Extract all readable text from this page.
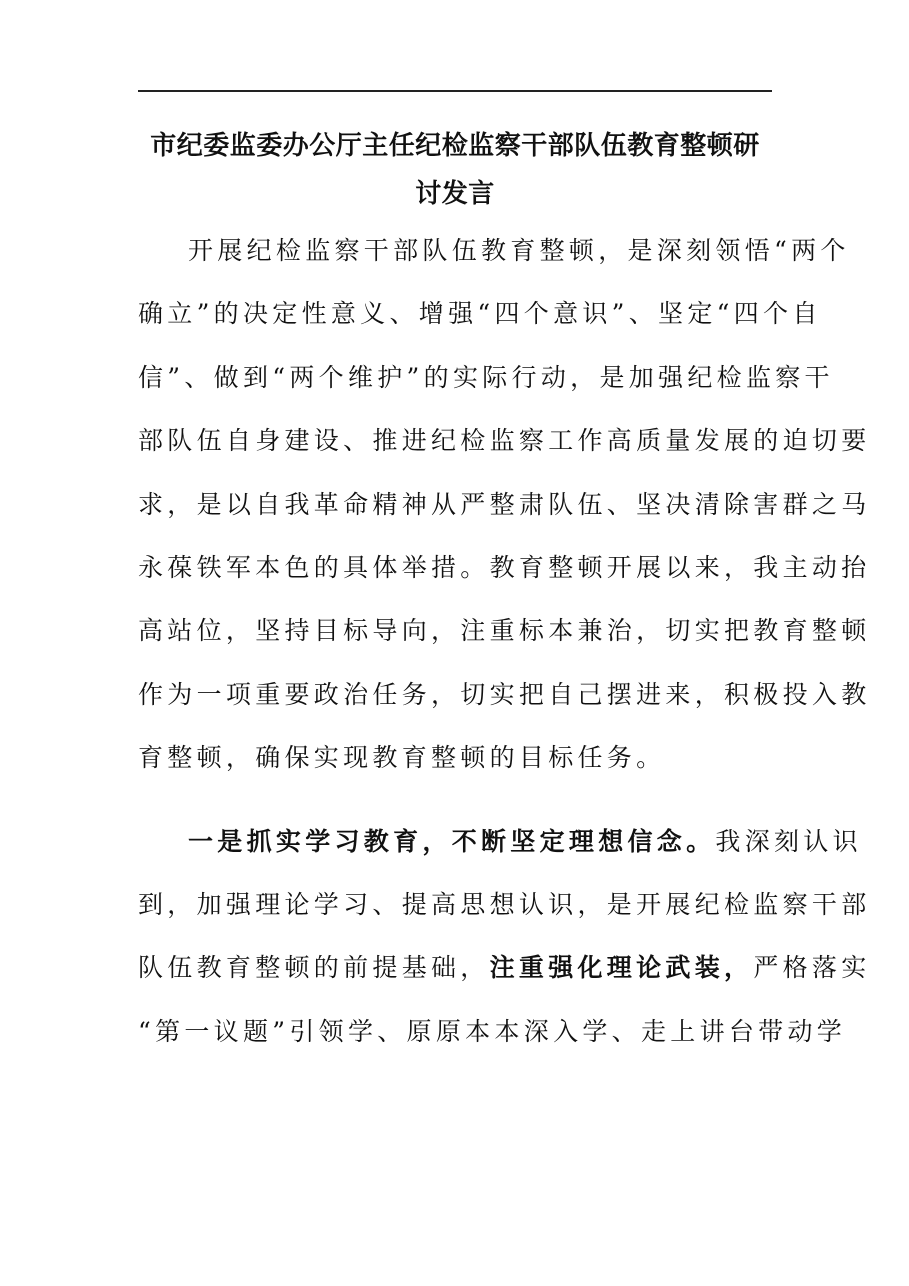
市纪委监委办公厅主任纪检监察干部队伍教育整顿研
讨发言
开展纪检监察干部队伍教育整顿，是深刻领悟“两个
确立”的决定性意义、增强“四个意识”、坚定“四个自
信”、做到“两个维护”的实际行动，是加强纪检监察干
部队伍自身建设、推进纪检监察工作高质量发展的迫切要
求，是以自我革命精神从严整肃队伍、坚决清除害群之马
永葆铁军本色的具体举措。教育整顿开展以来，我主动抬
高站位，坚持目标导向，注重标本兼治，切实把教育整顿
作为一项重要政治任务，切实把自己摆进来，积极投入教
育整顿，确保实现教育整顿的目标任务。
一是抓实学习教育，不断坚定理想信念。我深刻认识
到，加强理论学习、提高思想认识，是开展纪检监察干部
队伍教育整顿的前提基础，注重强化理论武装，严格落实
“第一议题”引领学、原原本本深入学、走上讲台带动学
